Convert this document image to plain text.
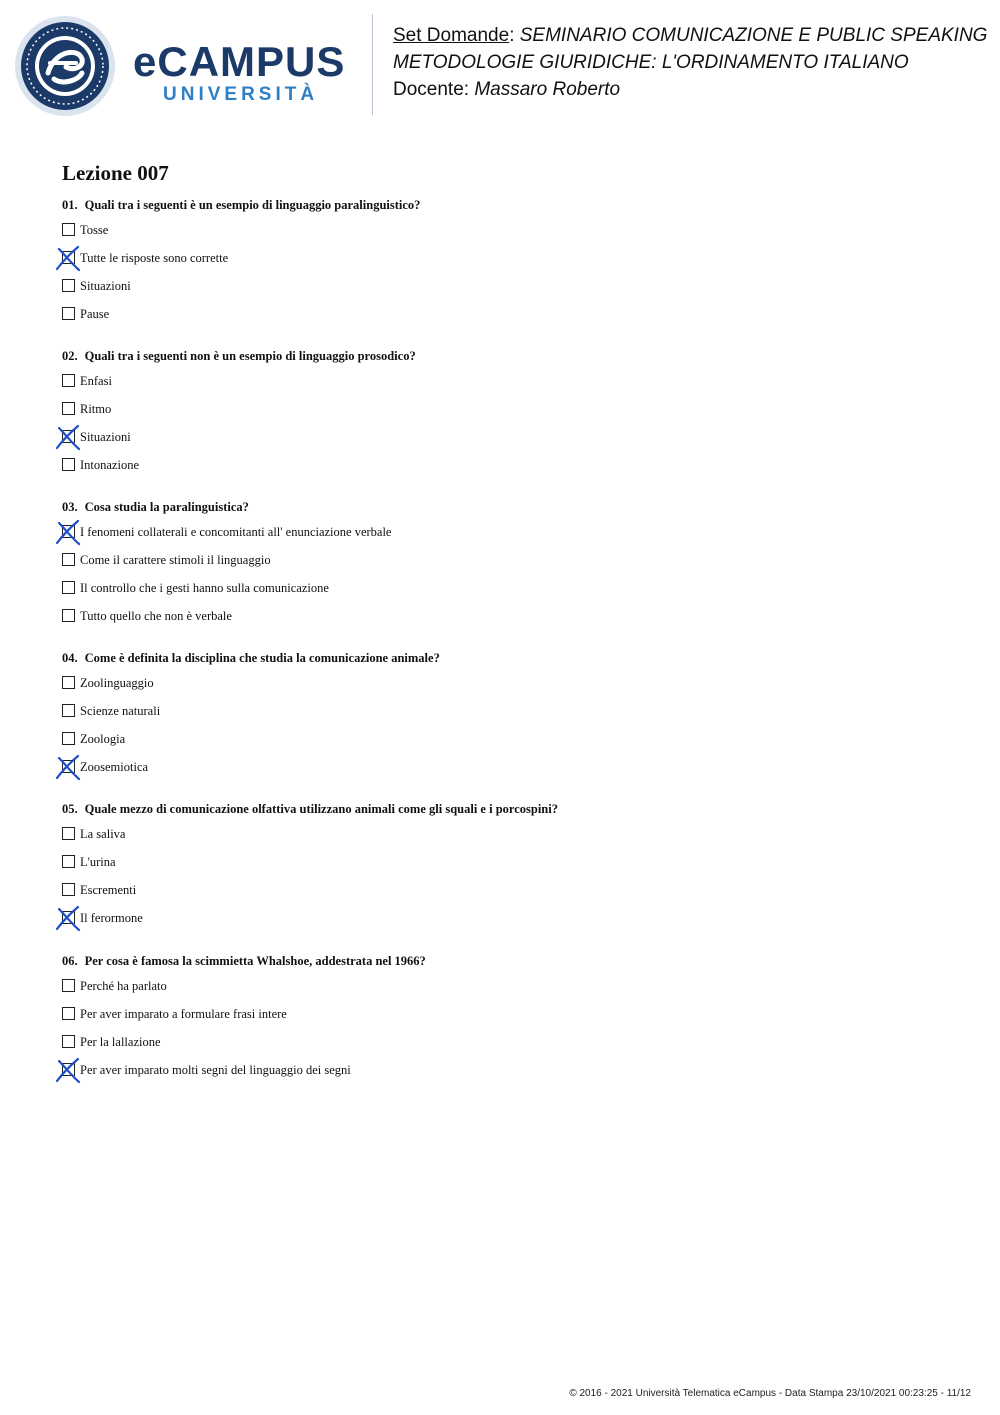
eCAMPUS
UNIVERSITÀ
Set Domande: SEMINARIO COMUNICAZIONE E PUBLIC SPEAKING
METODOLOGIE GIURIDICHE: L'ORDINAMENTO ITALIANO
Docente: Massaro Roberto
Lezione 007
01. Quali tra i seguenti è un esempio di linguaggio paralinguistico?
Tosse
Tutte le risposte sono corrette
Situazioni
Pause
02. Quali tra i seguenti non è un esempio di linguaggio prosodico?
Enfasi
Ritmo
Situazioni
Intonazione
03. Cosa studia la paralinguistica?
I fenomeni collaterali e concomitanti all' enunciazione verbale
Come il carattere stimoli il linguaggio
Il controllo che i gesti hanno sulla comunicazione
Tutto quello che non è verbale
04. Come è definita la disciplina che studia la comunicazione animale?
Zoolinguaggio
Scienze naturali
Zoologia
Zoosemiotica
05. Quale mezzo di comunicazione olfattiva utilizzano animali come gli squali e i porcospini?
La saliva
L'urina
Escrementi
Il ferormone
06. Per cosa è famosa la scimmietta Whalshoe, addestrata nel 1966?
Perché ha parlato
Per aver imparato a formulare frasi intere
Per la lallazione
Per aver imparato molti segni del linguaggio dei segni
© 2016 - 2021 Università Telematica eCampus - Data Stampa 23/10/2021 00:23:25 - 11/12
